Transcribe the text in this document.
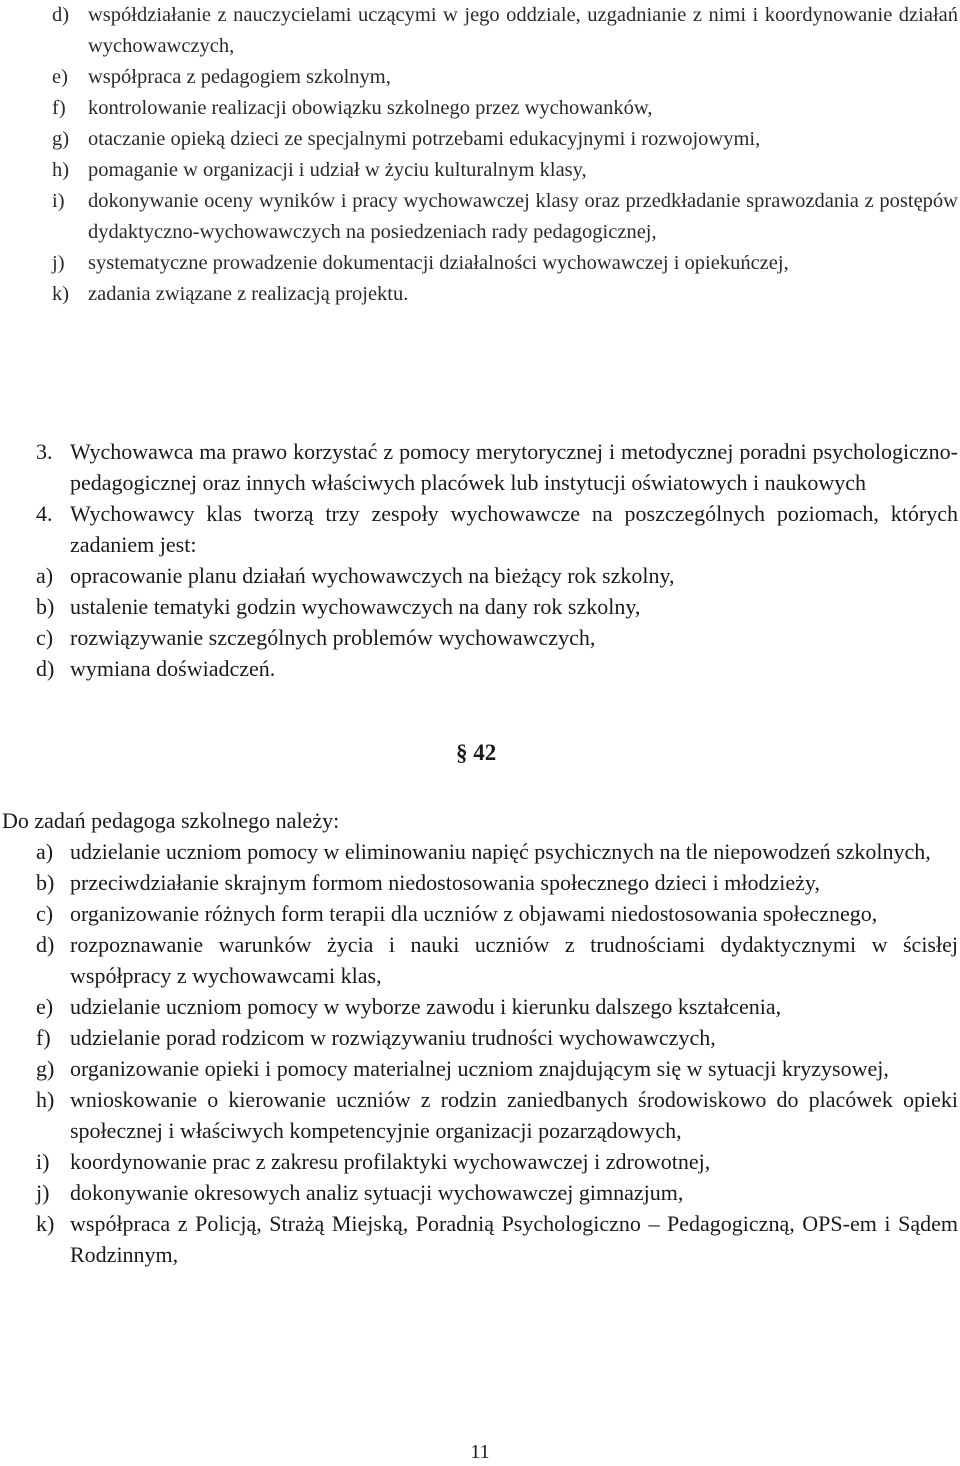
d) współdziałanie z nauczycielami uczącymi w jego oddziale, uzgadnianie z nimi i koordynowanie działań wychowawczych,
e) współpraca z pedagogiem szkolnym,
f)	kontrolowanie realizacji obowiązku szkolnego przez wychowanków,
g) otaczanie opieką dzieci ze specjalnymi potrzebami edukacyjnymi i rozwojowymi,
h) pomaganie w organizacji i udział w życiu kulturalnym klasy,
i)	dokonywanie oceny wyników i pracy wychowawczej klasy oraz przedkładanie sprawozdania z postępów dydaktyczno-wychowawczych na posiedzeniach rady pedagogicznej,
j)	systematyczne prowadzenie dokumentacji działalności wychowawczej i opiekuńczej,
k) zadania związane z realizacją projektu.
3. Wychowawca ma prawo korzystać z pomocy merytorycznej i metodycznej poradni psychologiczno-pedagogicznej oraz innych właściwych placówek lub instytucji oświatowych i naukowych
4. Wychowawcy klas tworzą trzy zespoły wychowawcze na poszczególnych poziomach, których zadaniem jest:
a) opracowanie planu działań wychowawczych na bieżący rok szkolny,
b) ustalenie tematyki godzin wychowawczych na dany rok szkolny,
c) rozwiązywanie szczególnych problemów wychowawczych,
d) wymiana doświadczeń.
§ 42
Do zadań pedagoga szkolnego należy:
a) udzielanie uczniom pomocy w eliminowaniu napięć psychicznych na tle niepowodzeń szkolnych,
b) przeciwdziałanie skrajnym formom niedostosowania społecznego dzieci i młodzieży,
c) organizowanie różnych form terapii dla uczniów z objawami niedostosowania społecznego,
d) rozpoznawanie warunków życia i nauki uczniów z trudnościami dydaktycznymi w ścisłej współpracy z wychowawcami klas,
e) udzielanie uczniom pomocy w wyborze zawodu i kierunku dalszego kształcenia,
f) udzielanie porad rodzicom w rozwiązywaniu trudności wychowawczych,
g) organizowanie opieki i pomocy materialnej uczniom znajdującym się w sytuacji kryzysowej,
h) wnioskowanie o kierowanie uczniów z rodzin zaniedbanych środowiskowo do placówek opieki społecznej i właściwych kompetencyjnie organizacji pozarządowych,
i) koordynowanie prac z zakresu profilaktyki wychowawczej i zdrowotnej,
j) dokonywanie okresowych analiz sytuacji wychowawczej gimnazjum,
k) współpraca z Policją, Strażą Miejską, Poradnią Psychologiczno – Pedagogiczną, OPS-em i Sądem Rodzinnym,
11
